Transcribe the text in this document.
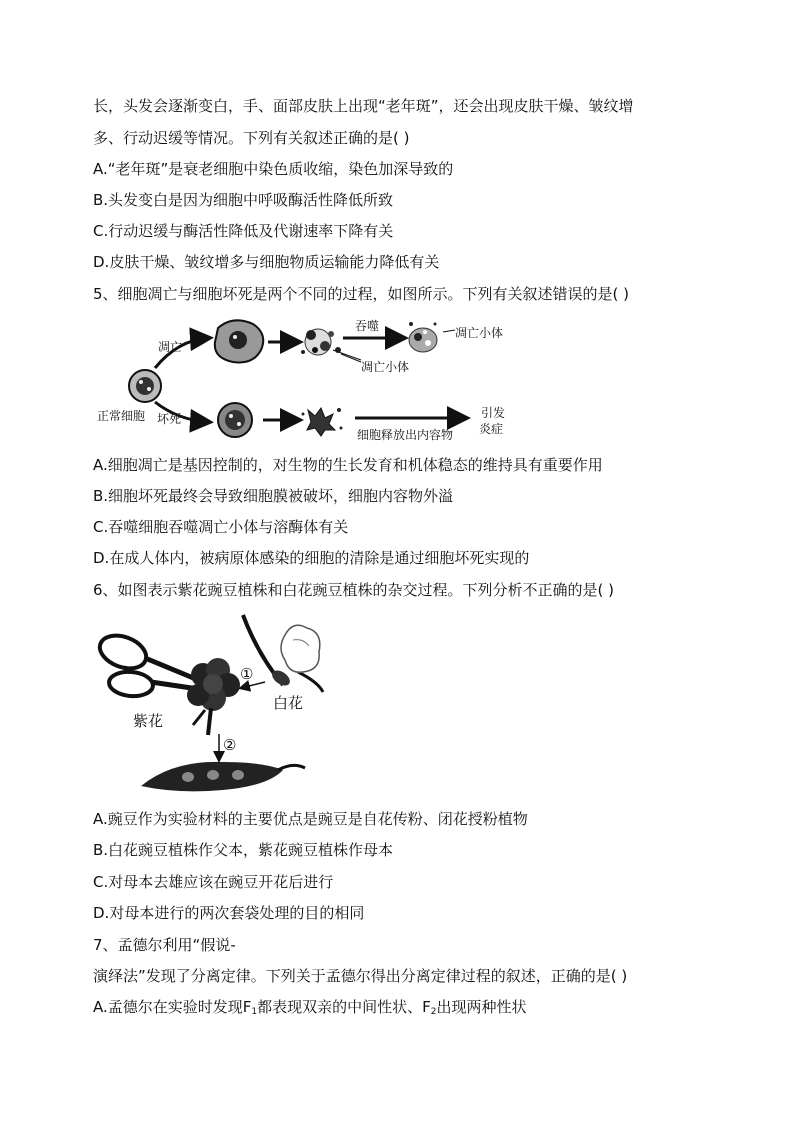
长，头发会逐渐变白，手、面部皮肤上出现“老年斑”，还会出现皮肤干燥、皱纹增
多、行动迟缓等情况。下列有关叙述正确的是( )
A.“老年斑”是衰老细胞中染色质收缩，染色加深导致的
B.头发变白是因为细胞中呼吸酶活性降低所致
C.行动迟缓与酶活性降低及代谢速率下降有关
D.皮肤干燥、皱纹增多与细胞物质运输能力降低有关
5、细胞凋亡与细胞坏死是两个不同的过程，如图所示。下列有关叙述错误的是( )
凋亡
坏死
正常细胞
吞噬	凋亡小体
凋亡小体
细胞释放出内容物
引发
炎症
A.细胞凋亡是基因控制的，对生物的生长发育和机体稳态的维持具有重要作用
B.细胞坏死最终会导致细胞膜被破坏，细胞内容物外溢
C.吞噬细胞吞噬凋亡小体与溶酶体有关
D.在成人体内，被病原体感染的细胞的清除是通过细胞坏死实现的
6、如图表示紫花豌豆植株和白花豌豆植株的杂交过程。下列分析不正确的是( )
①
白花
紫花
②
A.豌豆作为实验材料的主要优点是豌豆是自花传粉、闭花授粉植物
B.白花豌豆植株作父本，紫花豌豆植株作母本
C.对母本去雄应该在豌豆开花后进行
D.对母本进行的两次套袋处理的目的相同
7、孟德尔利用“假说-
演绎法”发现了分离定律。下列关于孟德尔得出分离定律过程的叙述，正确的是( )
A.孟德尔在实验时发现$F_1$都表现双亲的中间性状、$F_2$出现两种性状
